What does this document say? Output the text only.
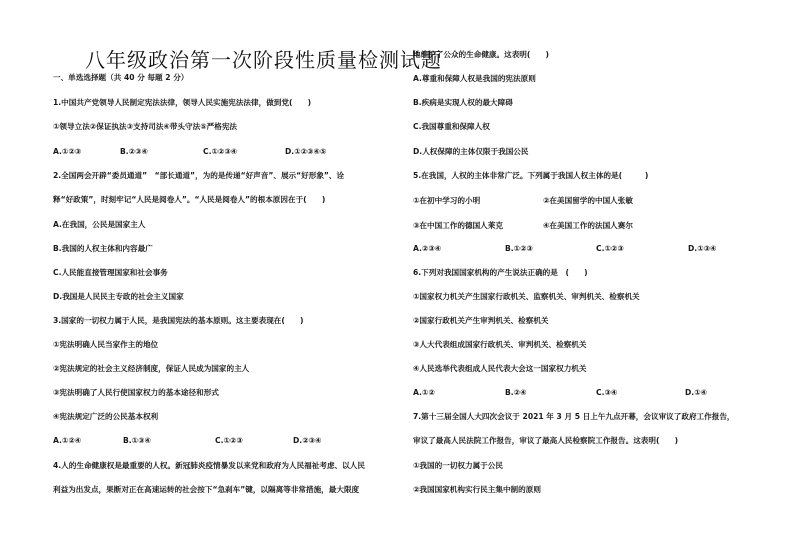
八年级政治第一次阶段性质量检测试题
一、单选选择题（共 40 分 每题 2 分）
1.中国共产党领导人民制定宪法法律，领导人民实施宪法法律，做到党(　　)
①领导立法②保证执法③支持司法④带头守法⑤严格宪法
A.①②③	B.②③④	C.①②③④	D.①②③④⑤
2.全国两会开辟“委员通道”　“部长通道”，为的是传递“好声音”、展示“好形象”、诠
释“好政策”，时刻牢记“人民是阅卷人”。“人民是阅卷人”的根本原因在于(　　)
A.在我国，公民是国家主人
B.我国的人权主体和内容最广
C.人民能直接管理国家和社会事务
D.我国是人民民主专政的社会主义国家
3.国家的一切权力属于人民，是我国宪法的基本原则。这主要表现在(　　)
①宪法明确人民当家作主的地位
②宪法规定的社会主义经济制度，保证人民成为国家的主人
③宪法明确了人民行使国家权力的基本途径和形式
④宪法规定广泛的公民基本权利
A.①②④	B.①③④	C.①②③	D.②③④
4.人的生命健康权是最重要的人权。新冠肺炎疫情暴发以来党和政府为人民福祉考虑、以人民
利益为出发点，果断对正在高速运转的社会按下“急刹车”键，以隔离等非常措施，最大限度
地维护了公众的生命健康。这表明(　　)
A.尊重和保障人权是我国的宪法原则
B.疾病是实现人权的最大障碍
C.我国尊重和保障人权
D.人权保障的主体仅限于我国公民
5.在我国，人权的主体非常广泛。下列属于我国人权主体的是(　　　)
①在初中学习的小明	②在美国留学的中国人张敏
③在中国工作的德国人莱克	④在美国工作的法国人赛尔
A.②③④	B.①②③	C.①②③	D.①③④
6.下列对我国国家机构的产生说法正确的是　(　　)
①国家权力机关产生国家行政机关、监察机关、审判机关、检察机关
②国家行政机关产生审判机关、检察机关
③人大代表组成国家行政机关、审判机关、检察机关
④人民选举代表组成人民代表大会这一国家权力机关
A.①②	B.②④	C.③④	D.①④
7.第十三届全国人大四次会议于 2021 年 3 月 5 日上午九点开幕，会议审议了政府工作报告，
审议了最高人民法院工作报告，审议了最高人民检察院工作报告。这表明(　　)
①我国的一切权力属于公民
②我国国家机构实行民主集中制的原则
